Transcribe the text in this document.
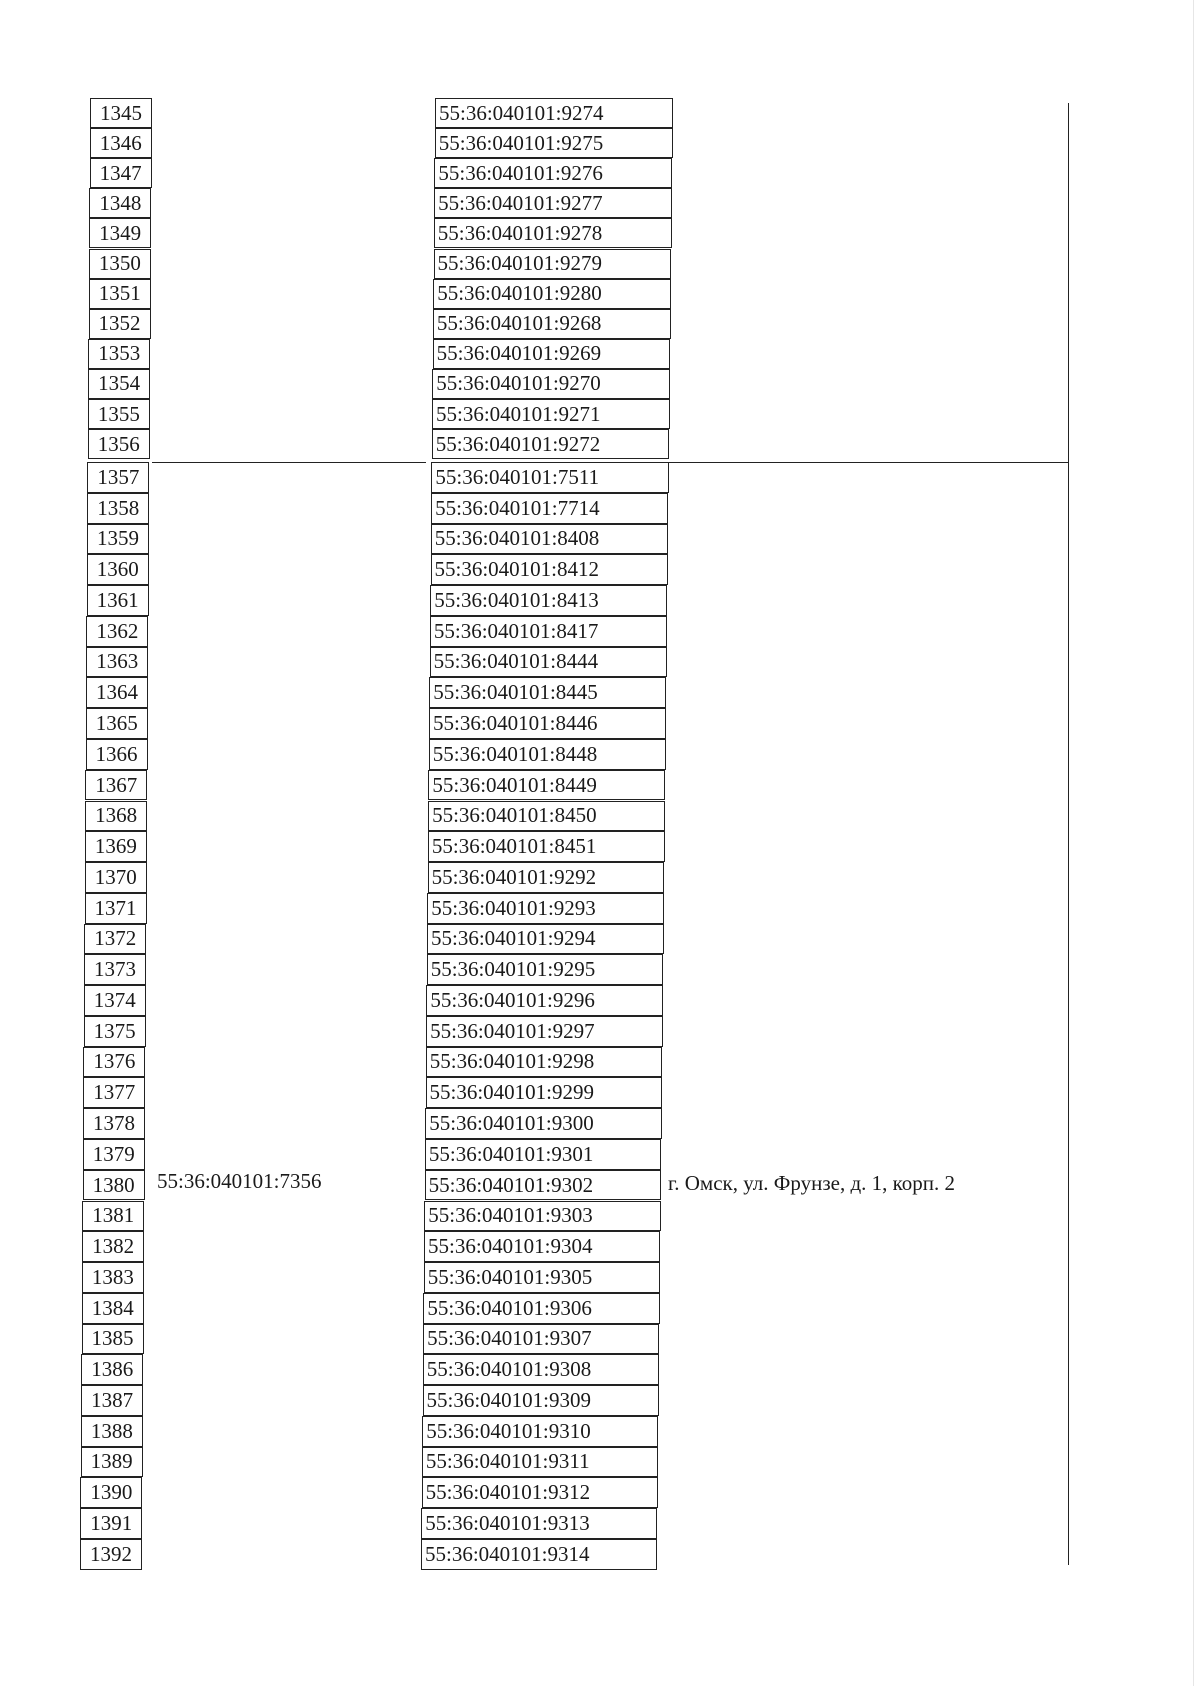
1345
1346
1347
1348
1349
1350
1351
1352
1353
1354
1355
1356
1357
1358
1359
1360
1361
1362
1363
1364
1365
1366
1367
1368
1369
1370
1371
1372
1373
1374
1375
1376
1377
1378
1379
1380
1381
1382
1383
1384
1385
1386
1387
1388
1389
1390
1391
1392
55:36:040101:9274
55:36:040101:9275
55:36:040101:9276
55:36:040101:9277
55:36:040101:9278
55:36:040101:9279
55:36:040101:9280
55:36:040101:9268
55:36:040101:9269
55:36:040101:9270
55:36:040101:9271
55:36:040101:9272
55:36:040101:7511
55:36:040101:7714
55:36:040101:8408
55:36:040101:8412
55:36:040101:8413
55:36:040101:8417
55:36:040101:8444
55:36:040101:8445
55:36:040101:8446
55:36:040101:8448
55:36:040101:8449
55:36:040101:8450
55:36:040101:8451
55:36:040101:9292
55:36:040101:9293
55:36:040101:9294
55:36:040101:9295
55:36:040101:9296
55:36:040101:9297
55:36:040101:9298
55:36:040101:9299
55:36:040101:9300
55:36:040101:9301
55:36:040101:9302
55:36:040101:9303
55:36:040101:9304
55:36:040101:9305
55:36:040101:9306
55:36:040101:9307
55:36:040101:9308
55:36:040101:9309
55:36:040101:9310
55:36:040101:9311
55:36:040101:9312
55:36:040101:9313
55:36:040101:9314
55:36:040101:7356	г. Омск, ул. Фрунзе, д. 1, корп. 2
